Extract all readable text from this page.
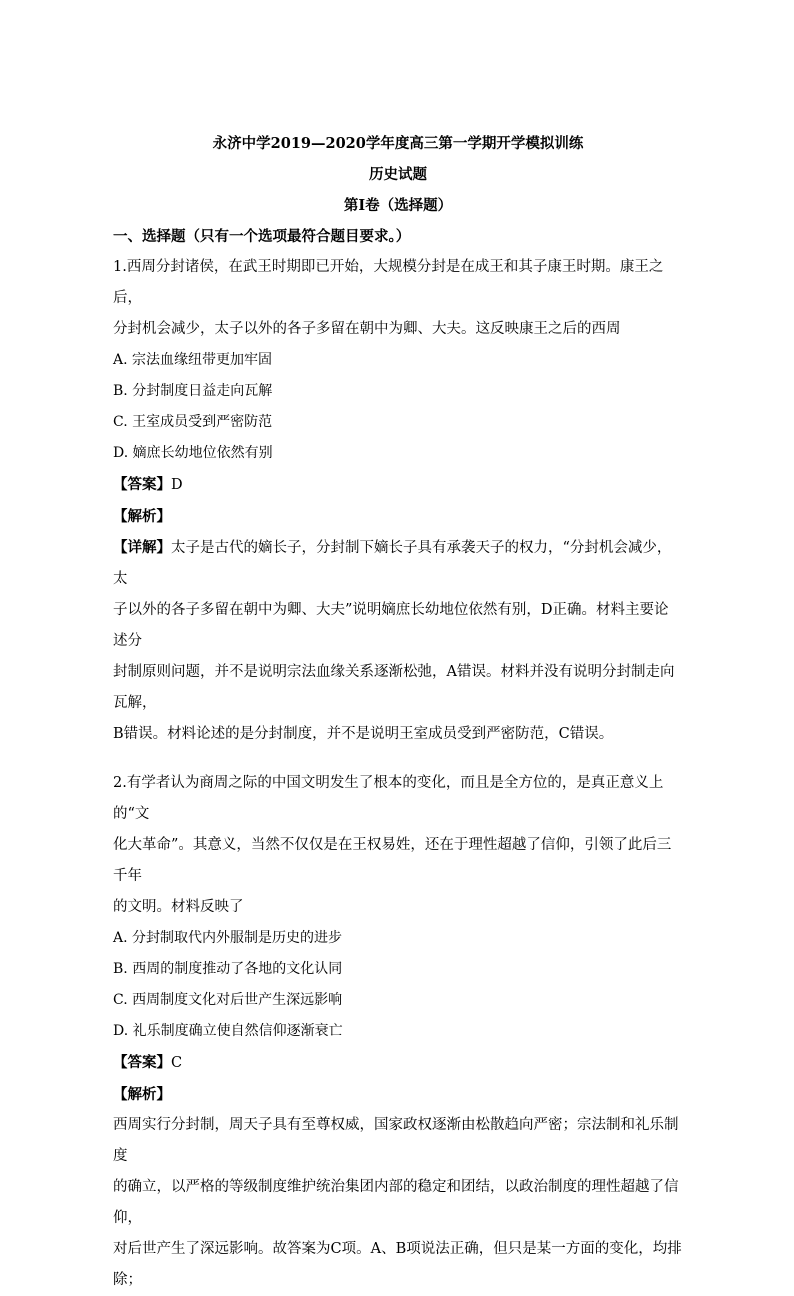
永济中学2019—2020学年度高三第一学期开学模拟训练
历史试题
第Ⅰ卷（选择题）
一、选择题（只有一个选项最符合题目要求。）

1.西周分封诸侯，在武王时期即已开始，大规模分封是在成王和其子康王时期。康王之后，

分封机会减少，太子以外的各子多留在朝中为卿、大夫。这反映康王之后的西周

A. 宗法血缘纽带更加牢固

B. 分封制度日益走向瓦解

C. 王室成员受到严密防范

D. 嫡庶长幼地位依然有别

【答案】D

【解析】

【详解】太子是古代的嫡长子，分封制下嫡长子具有承袭天子的权力，“分封机会减少，太

子以外的各子多留在朝中为卿、大夫”说明嫡庶长幼地位依然有别，D正确。材料主要论述分

封制原则问题，并不是说明宗法血缘关系逐渐松弛，A错误。材料并没有说明分封制走向瓦解，

B错误。材料论述的是分封制度，并不是说明王室成员受到严密防范，C错误。

2.有学者认为商周之际的中国文明发生了根本的变化，而且是全方位的，是真正意义上的“文

化大革命”。其意义，当然不仅仅是在王权易姓，还在于理性超越了信仰，引领了此后三千年

的文明。材料反映了

A. 分封制取代内外服制是历史的进步

B. 西周的制度推动了各地的文化认同

C. 西周制度文化对后世产生深远影响

D. 礼乐制度确立使自然信仰逐渐衰亡

【答案】C

【解析】

西周实行分封制，周天子具有至尊权威，国家政权逐渐由松散趋向严密；宗法制和礼乐制度

的确立，以严格的等级制度维护统治集团内部的稳定和团结，以政治制度的理性超越了信仰，

对后世产生了深远影响。故答案为C项。A、B项说法正确，但只是某一方面的变化，均排除；
